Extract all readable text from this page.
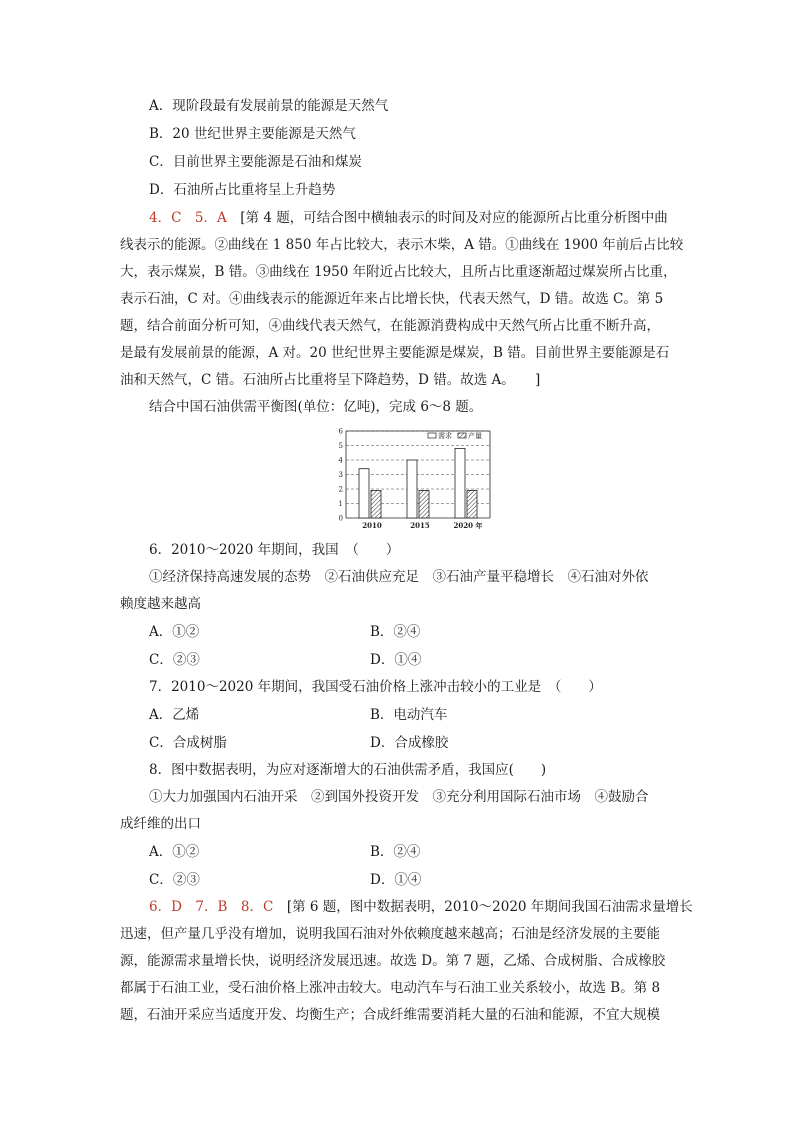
A．现阶段最有发展前景的能源是天然气
B．20 世纪世界主要能源是天然气
C．目前世界主要能源是石油和煤炭
D．石油所占比重将呈上升趋势
4．C　5．A　[第 4 题，可结合图中横轴表示的时间及对应的能源所占比重分析图中曲
线表示的能源。②曲线在 1 850 年占比较大，表示木柴，A 错。①曲线在 1900 年前后占比较
大，表示煤炭，B 错。③曲线在 1950 年附近占比较大，且所占比重逐渐超过煤炭所占比重，
表示石油，C 对。④曲线表示的能源近年来占比增长快，代表天然气，D 错。故选 C。第 5
题，结合前面分析可知，④曲线代表天然气，在能源消费构成中天然气所占比重不断升高，
是最有发展前景的能源，A 对。20 世纪世界主要能源是煤炭，B 错。目前世界主要能源是石
油和天然气，C 错。石油所占比重将呈下降趋势，D 错。故选 A。　　]
结合中国石油供需平衡图(单位：亿吨)，完成 6～8 题。
0
1
2
3
4
5
6
2010	2015	2020 年
需求 产量
6．2010～2020 年期间，我国　（　　）
①经济保持高速发展的态势　②石油供应充足　③石油产量平稳增长　④石油对外依
赖度越来越高
A．①②	B．②④
C．②③	D．①④
7．2010～2020 年期间，我国受石油价格上涨冲击较小的工业是　（　　）
A．乙烯	B．电动汽车
C．合成树脂	D．合成橡胶
8．图中数据表明，为应对逐渐增大的石油供需矛盾，我国应(　　)
①大力加强国内石油开采　②到国外投资开发　③充分利用国际石油市场　④鼓励合
成纤维的出口
A．①②	B．②④
C．②③	D．①④
6．D　7．B　8．C　[第 6 题，图中数据表明，2010～2020 年期间我国石油需求量增长
迅速，但产量几乎没有增加，说明我国石油对外依赖度越来越高；石油是经济发展的主要能
源，能源需求量增长快，说明经济发展迅速。故选 D。第 7 题，乙烯、合成树脂、合成橡胶
都属于石油工业，受石油价格上涨冲击较大。电动汽车与石油工业关系较小，故选 B。第 8
题，石油开采应当适度开发、均衡生产；合成纤维需要消耗大量的石油和能源，不宜大规模
